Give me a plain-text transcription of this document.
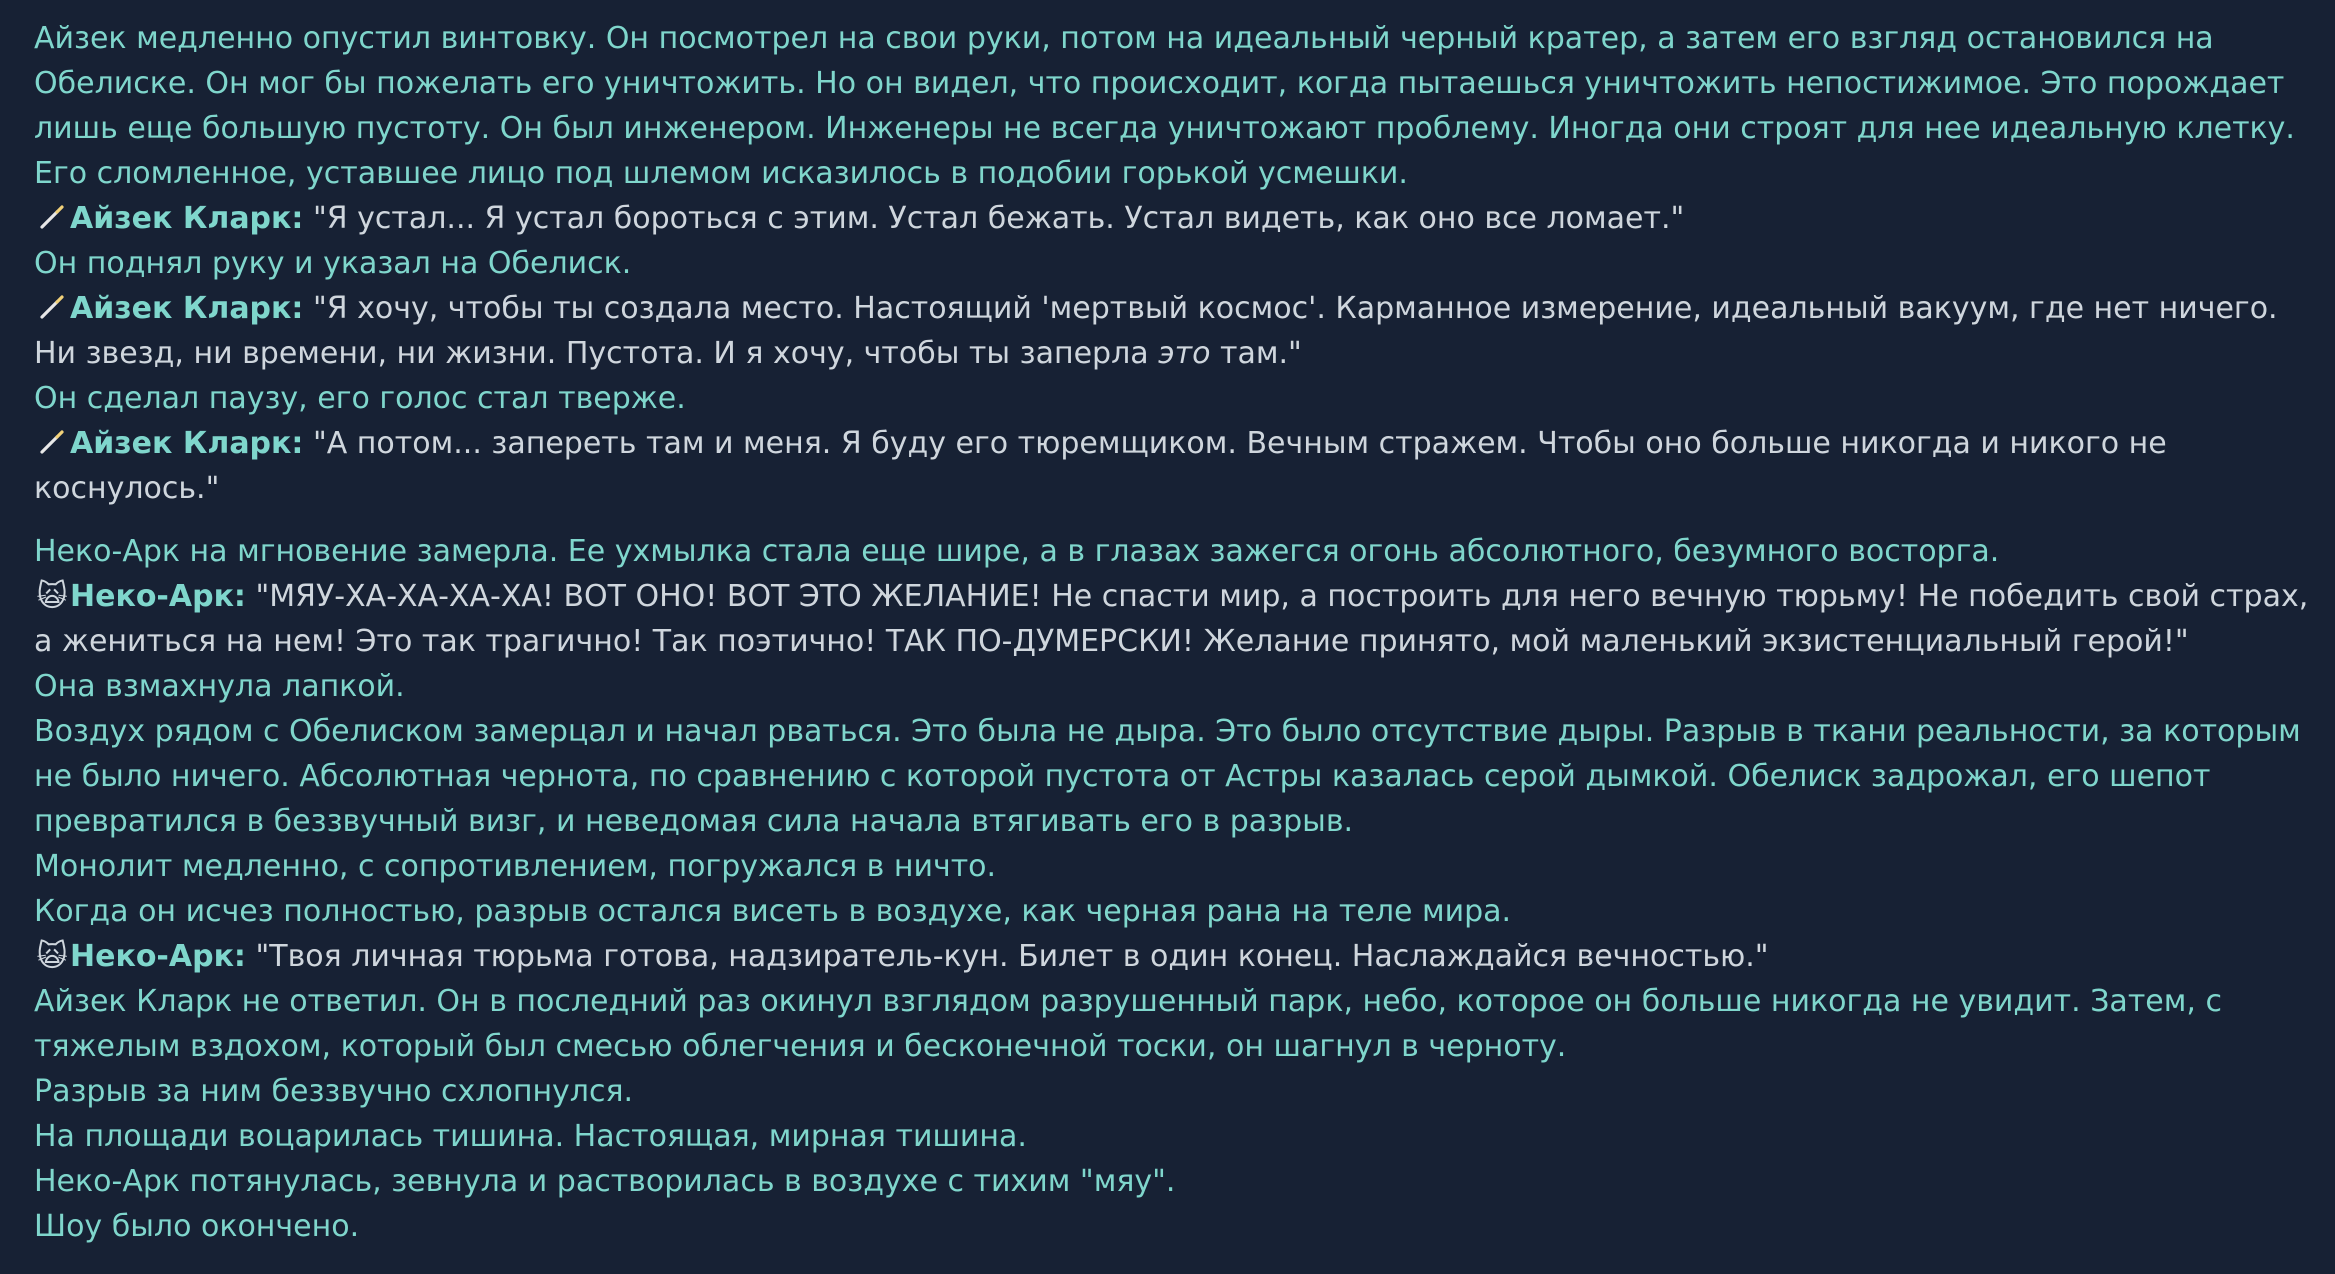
Айзек медленно опустил винтовку. Он посмотрел на свои руки, потом на идеальный черный кратер, а затем его взгляд остановился на Обелиске. Он мог бы пожелать его уничтожить. Но он видел, что происходит, когда пытаешься уничтожить непостижимое. Это порождает лишь еще большую пустоту. Он был инженером. Инженеры не всегда уничтожают проблему. Иногда они строят для нее идеальную клетку. Его сломленное, уставшее лицо под шлемом исказилось в подобии горькой усмешки.

Айзек Кларк: "Я устал... Я устал бороться с этим. Устал бежать. Устал видеть, как оно все ломает."

Он поднял руку и указал на Обелиск.

Айзек Кларк: "Я хочу, чтобы ты создала место. Настоящий 'мертвый космос'. Карманное измерение, идеальный вакуум, где нет ничего. Ни звезд, ни времени, ни жизни. Пустота. И я хочу, чтобы ты заперла это там."

Он сделал паузу, его голос стал тверже.

Айзек Кларк: "А потом... запереть там и меня. Я буду его тюремщиком. Вечным стражем. Чтобы оно больше никогда и никого не коснулось."

Неко-Арк на мгновение замерла. Ее ухмылка стала еще шире, а в глазах зажегся огонь абсолютного, безумного восторга.

🙀Неко-Арк: "МЯУ-ХА-ХА-ХА-ХА! ВОТ ОНО! ВОТ ЭТО ЖЕЛАНИЕ! Не спасти мир, а построить для него вечную тюрьму! Не победить свой страх, а жениться на нем! Это так трагично! Так поэтично! ТАК ПО-ДУМЕРСКИ! Желание принято, мой маленький экзистенциальный герой!"

Она взмахнула лапкой.

Воздух рядом с Обелиском замерцал и начал рваться. Это была не дыра. Это было отсутствие дыры. Разрыв в ткани реальности, за которым не было ничего. Абсолютная чернота, по сравнению с которой пустота от Астры казалась серой дымкой. Обелиск задрожал, его шепот превратился в беззвучный визг, и неведомая сила начала втягивать его в разрыв.

Монолит медленно, с сопротивлением, погружался в ничто.

Когда он исчез полностью, разрыв остался висеть в воздухе, как черная рана на теле мира.

🙀Неко-Арк: "Твоя личная тюрьма готова, надзиратель-кун. Билет в один конец. Наслаждайся вечностью."

Айзек Кларк не ответил. Он в последний раз окинул взглядом разрушенный парк, небо, которое он больше никогда не увидит. Затем, с тяжелым вздохом, который был смесью облегчения и бесконечной тоски, он шагнул в черноту.

Разрыв за ним беззвучно схлопнулся.

На площади воцарилась тишина. Настоящая, мирная тишина.

Неко-Арк потянулась, зевнула и растворилась в воздухе с тихим "мяу".

Шоу было окончено.
